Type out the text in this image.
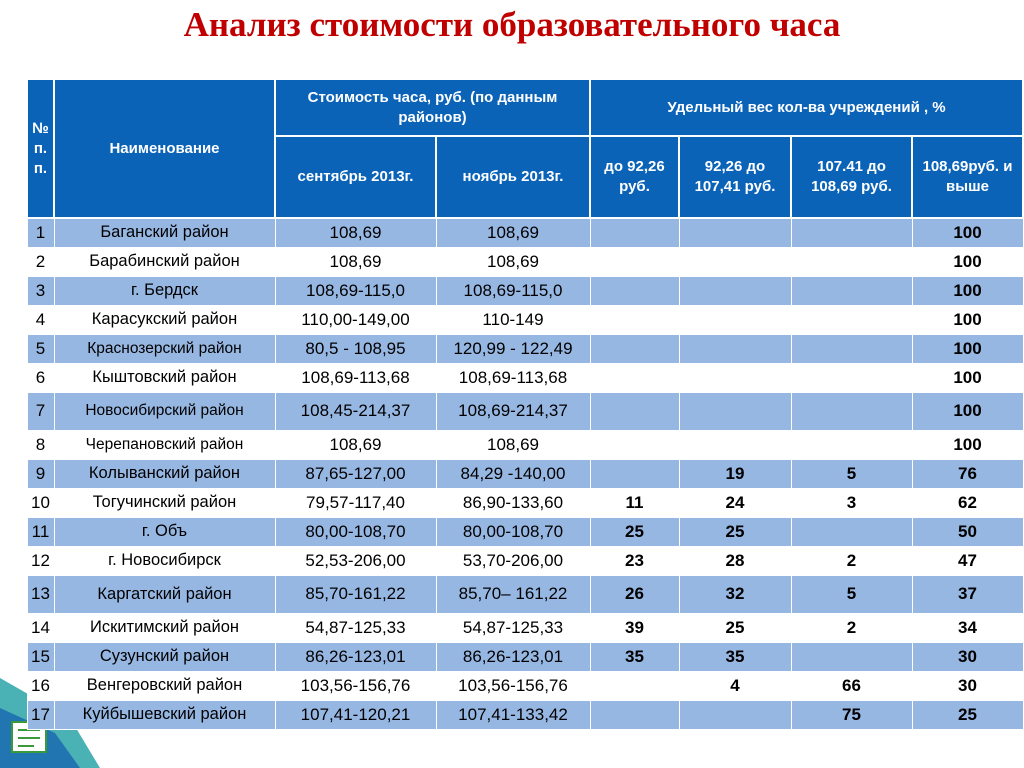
Анализ стоимости образовательного часа
№ п. п.	Наименование	Стоимость часа, руб. (по данным районов)		Удельный вес кол-ва учреждений , %			
		сентябрь 2013г.	ноябрь 2013г.	до 92,26 руб.	92,26 до 107,41 руб.	107.41 до 108,69 руб.	108,69руб. и выше
1	Баганский район	108,69	108,69				100
2	Барабинский район	108,69	108,69				100
3	г. Бердск	108,69-115,0	108,69-115,0				100
4	Карасукский район	110,00-149,00	110-149				100
5	Краснозерский район	80,5 - 108,95	120,99 - 122,49				100
6	Кыштовский район	108,69-113,68	108,69-113,68				100
7	Новосибирский район	108,45-214,37	108,69-214,37				100
8	Черепановский район	108,69	108,69				100
9	Колыванский район	87,65-127,00	84,29 -140,00		19	5	76
10	Тогучинский район	79,57-117,40	86,90-133,60	11	24	3	62
11	г. Объ	80,00-108,70	80,00-108,70	25	25		50
12	г. Новосибирск	52,53-206,00	53,70-206,00	23	28	2	47
13	Каргатский район	85,70-161,22	85,70– 161,22	26	32	5	37
14	Искитимский район	54,87-125,33	54,87-125,33	39	25	2	34
15	Сузунский район	86,26-123,01	86,26-123,01	35	35		30
16	Венгеровский район	103,56-156,76	103,56-156,76		4	66	30
17	Куйбышевский район	107,41-120,21	107,41-133,42			75	25
